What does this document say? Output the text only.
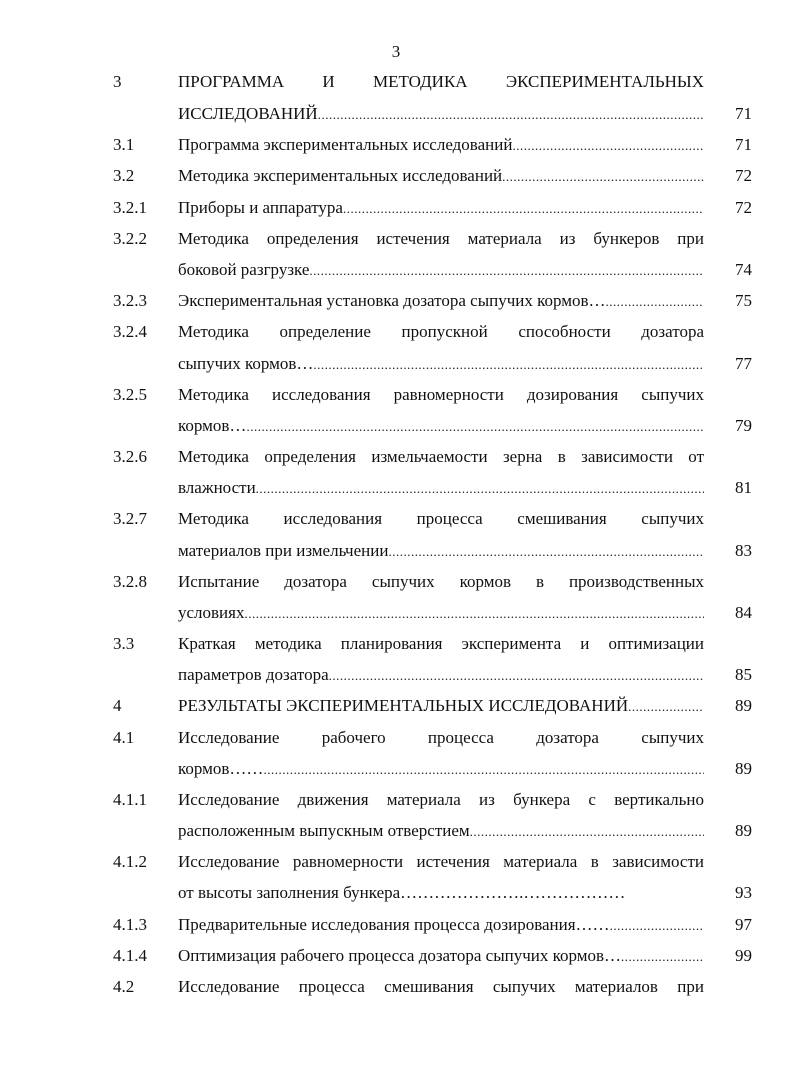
3
3	ПРОГРАММА И МЕТОДИКА ЭКСПЕРИМЕНТАЛЬНЫХ
ИССЛЕДОВАНИЙ .....	71
3.1	Программа экспериментальных исследований .....	71
3.2	Методика экспериментальных исследований .....	72
3.2.1 Приборы и аппаратура .....	72
3.2.2 Методика определения истечения материала из бункеров при
боковой разгрузке .....	74
3.2.3 Экспериментальная установка дозатора сыпучих кормов… .....	75
3.2.4 Методика определение пропускной способности дозатора
сыпучих кормов… .....	77
3.2.5 Методика исследования равномерности дозирования сыпучих
кормов… .....	79
3.2.6 Методика определения измельчаемости зерна в зависимости от
влажности .....	81
3.2.7 Методика исследования процесса смешивания сыпучих
материалов при измельчении .....	83
3.2.8 Испытание дозатора сыпучих кормов в производственных
условиях .....	84
3.3	Краткая методика планирования эксперимента и оптимизации
параметров дозатора .....	85
4	РЕЗУЛЬТАТЫ ЭКСПЕРИМЕНТАЛЬНЫХ ИССЛЕДОВАНИЙ .....	89
4.1	Исследование рабочего процесса дозатора сыпучих
кормов…… .....	89
4.1.1 Исследование движения материала из бункера с вертикально
расположенным выпускным отверстием .....	89
4.1.2 Исследование равномерности истечения материала в зависимости
от высоты заполнения бункера………………….………………	93
4.1.3 Предварительные исследования процесса дозирования…… .....	97
4.1.4 Оптимизация рабочего процесса дозатора сыпучих кормов… .....	99
4.2	Исследование процесса смешивания сыпучих материалов при
